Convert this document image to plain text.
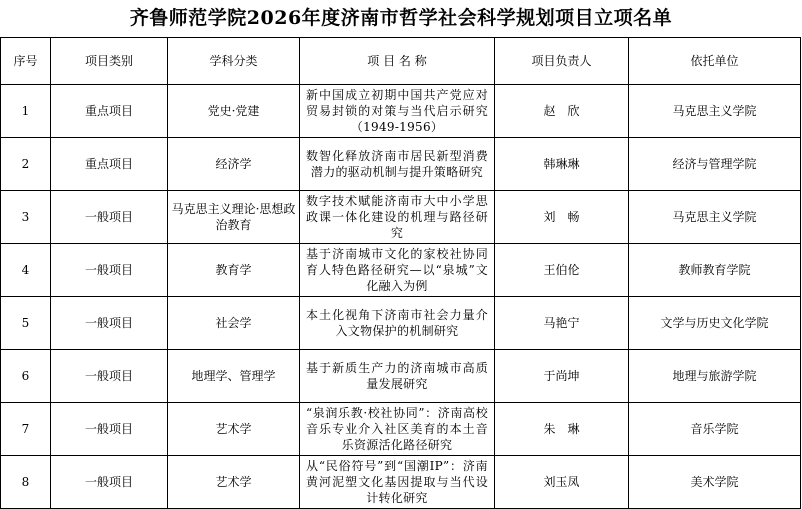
齐鲁师范学院2026年度济南市哲学社会科学规划项目立项名单
序号	项目类别	学科分类	项 目 名 称	项目负责人	依托单位
1	重点项目	党史·党建	新中国成立初期中国共产党应对贸易封锁的对策与当代启示研究（1949-1956）	赵　欣	马克思主义学院
2	重点项目	经济学	数智化释放济南市居民新型消费潜力的驱动机制与提升策略研究	韩琳琳	经济与管理学院
3	一般项目	马克思主义理论·思想政治教育	数字技术赋能济南市大中小学思政课一体化建设的机理与路径研究	刘　畅	马克思主义学院
4	一般项目	教育学	基于济南城市文化的家校社协同育人特色路径研究—以“泉城”文化融入为例	王伯伦	教师教育学院
5	一般项目	社会学	本土化视角下济南市社会力量介入文物保护的机制研究	马艳宁	文学与历史文化学院
6	一般项目	地理学、管理学	基于新质生产力的济南城市高质量发展研究	于尚坤	地理与旅游学院
7	一般项目	艺术学	“泉润乐教·校社协同”：济南高校音乐专业介入社区美育的本土音乐资源活化路径研究	朱　琳	音乐学院
8	一般项目	艺术学	从“民俗符号”到“国潮IP”：济南黄河泥塑文化基因提取与当代设计转化研究	刘玉凤	美术学院
